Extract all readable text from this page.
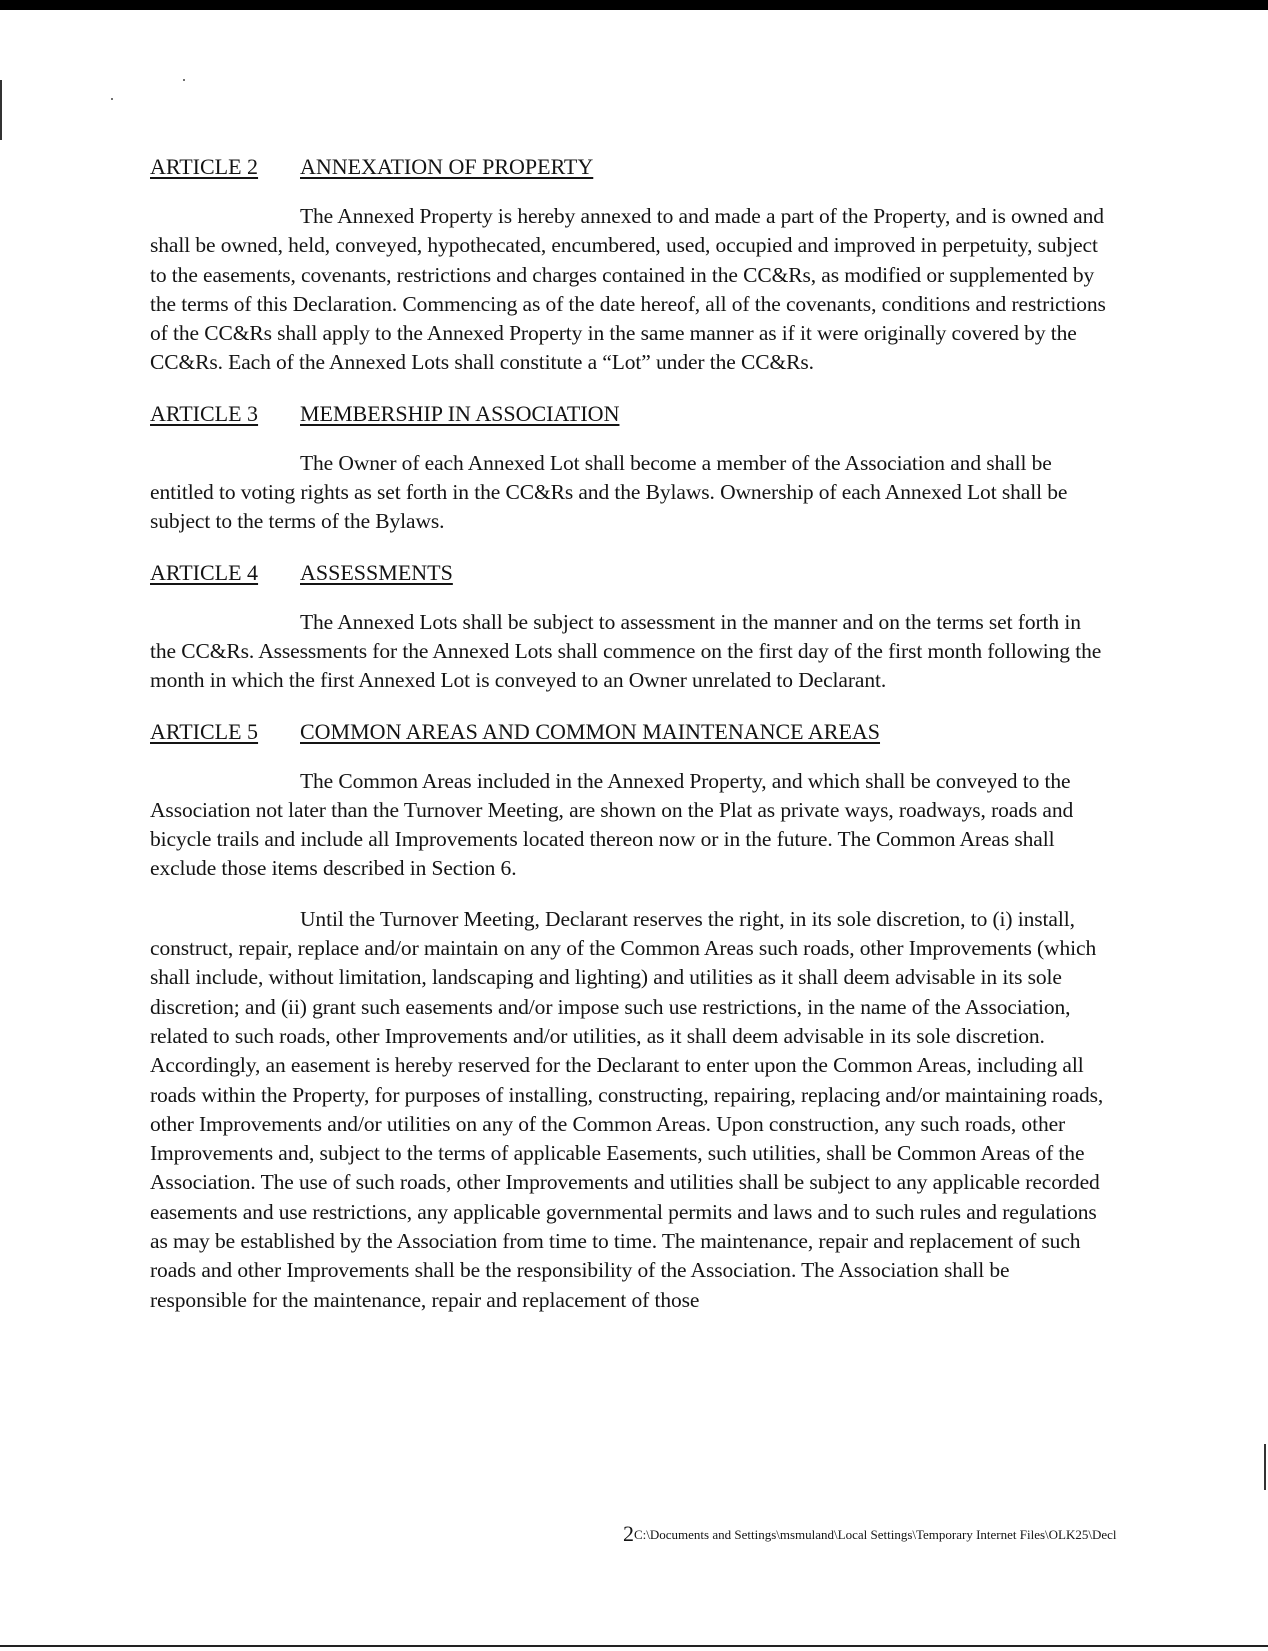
ARTICLE 2 ANNEXATION OF PROPERTY

The Annexed Property is hereby annexed to and made a part of the Property, and is owned and shall be owned, held, conveyed, hypothecated, encumbered, used, occupied and improved in perpetuity, subject to the easements, covenants, restrictions and charges contained in the CC&Rs, as modified or supplemented by the terms of this Declaration. Commencing as of the date hereof, all of the covenants, conditions and restrictions of the CC&Rs shall apply to the Annexed Property in the same manner as if it were originally covered by the CC&Rs. Each of the Annexed Lots shall constitute a “Lot” under the CC&Rs.

ARTICLE 3 MEMBERSHIP IN ASSOCIATION

The Owner of each Annexed Lot shall become a member of the Association and shall be entitled to voting rights as set forth in the CC&Rs and the Bylaws. Ownership of each Annexed Lot shall be subject to the terms of the Bylaws.

ARTICLE 4 ASSESSMENTS

The Annexed Lots shall be subject to assessment in the manner and on the terms set forth in the CC&Rs. Assessments for the Annexed Lots shall commence on the first day of the first month following the month in which the first Annexed Lot is conveyed to an Owner unrelated to Declarant.

ARTICLE 5 COMMON AREAS AND COMMON MAINTENANCE AREAS

The Common Areas included in the Annexed Property, and which shall be conveyed to the Association not later than the Turnover Meeting, are shown on the Plat as private ways, roadways, roads and bicycle trails and include all Improvements located thereon now or in the future. The Common Areas shall exclude those items described in Section 6.

Until the Turnover Meeting, Declarant reserves the right, in its sole discretion, to (i) install, construct, repair, replace and/or maintain on any of the Common Areas such roads, other Improvements (which shall include, without limitation, landscaping and lighting) and utilities as it shall deem advisable in its sole discretion; and (ii) grant such easements and/or impose such use restrictions, in the name of the Association, related to such roads, other Improvements and/or utilities, as it shall deem advisable in its sole discretion. Accordingly, an easement is hereby reserved for the Declarant to enter upon the Common Areas, including all roads within the Property, for purposes of installing, constructing, repairing, replacing and/or maintaining roads, other Improvements and/or utilities on any of the Common Areas. Upon construction, any such roads, other Improvements and, subject to the terms of applicable Easements, such utilities, shall be Common Areas of the Association. The use of such roads, other Improvements and utilities shall be subject to any applicable recorded easements and use restrictions, any applicable governmental permits and laws and to such rules and regulations as may be established by the Association from time to time. The maintenance, repair and replacement of such roads and other Improvements shall be the responsibility of the Association. The Association shall be responsible for the maintenance, repair and replacement of those

2C:\Documents and Settings\msmuland\Local Settings\Temporary Internet Files\OLK25\Decl
